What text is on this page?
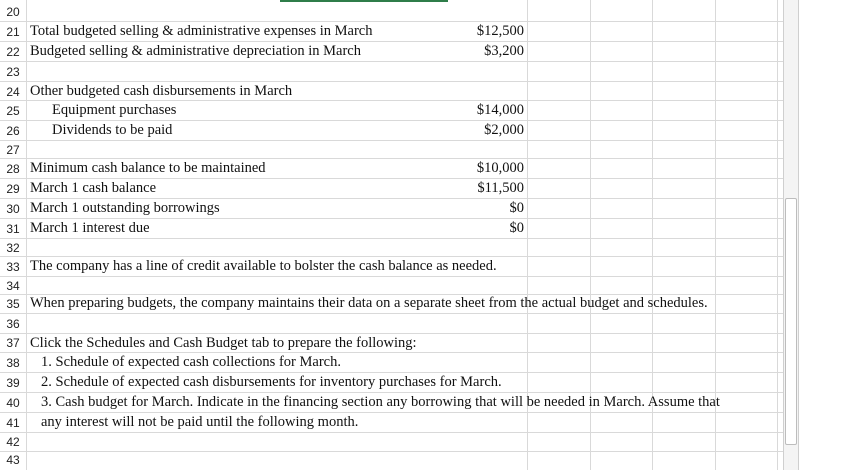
20
21
22
23
24
25
26
27
28
29
30
31
32
33
34
35
36
37
38
39
40
41
42
43
Total budgeted selling & administrative expenses in March	$12,500
Budgeted selling & administrative depreciation in March	$3,200
Other budgeted cash disbursements in March
Equipment purchases	$14,000
Dividends to be paid	$2,000
Minimum cash balance to be maintained	$10,000
March 1 cash balance	$11,500
March 1 outstanding borrowings	$0
March 1 interest due	$0
The company has a line of credit available to bolster the cash balance as needed.
When preparing budgets, the company maintains their data on a separate sheet from the actual budget and schedules.
Click the Schedules and Cash Budget tab to prepare the following:
1. Schedule of expected cash collections for March.
2. Schedule of expected cash disbursements for inventory purchases for March.
3. Cash budget for March. Indicate in the financing section any borrowing that will be needed in March. Assume that
any interest will not be paid until the following month.
